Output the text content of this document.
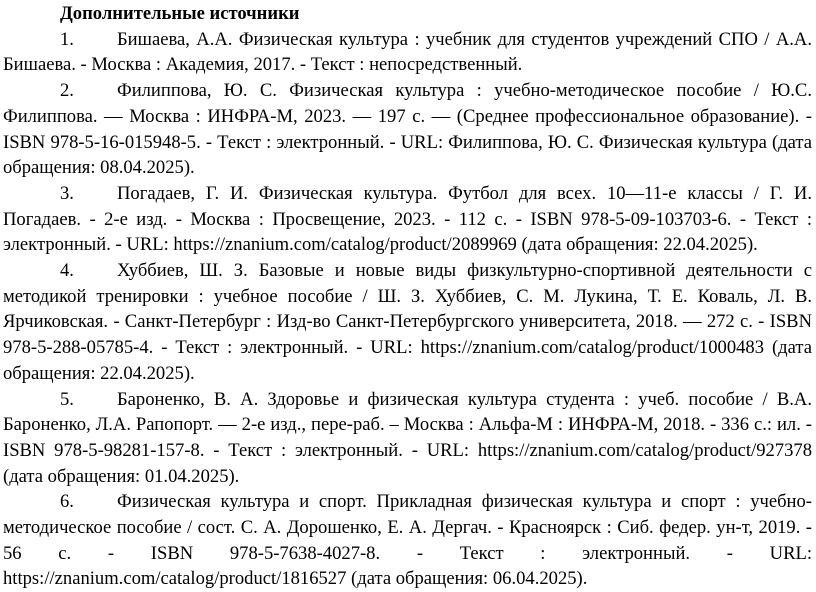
Дополнительные источники
1. Бишаева, А.А. Физическая культура : учебник для студентов учреждений СПО / А.А. Бишаева. - Москва : Академия, 2017. - Текст : непосредственный.
2. Филиппова, Ю. С. Физическая культура : учебно-методическое пособие / Ю.С. Филиппова. — Москва : ИНФРА-М, 2023. — 197 с. — (Среднее профессиональное образование). - ISBN 978-5-16-015948-5. - Текст : электронный. - URL: Филиппова, Ю. С. Физическая культура (дата обращения: 08.04.2025).
3. Погадаев, Г. И. Физическая культура. Футбол для всех. 10—11-е классы / Г. И. Погадаев. - 2-е изд. - Москва : Просвещение, 2023. - 112 с. - ISBN 978-5-09-103703-6. - Текст : электронный. - URL: https://znanium.com/catalog/product/2089969 (дата обращения: 22.04.2025).
4. Хуббиев, Ш. З. Базовые и новые виды физкультурно-спортивной деятельности с методикой тренировки : учебное пособие / Ш. З. Хуббиев, С. М. Лукина, Т. Е. Коваль, Л. В. Ярчиковская. - Санкт-Петербург : Изд-во Санкт-Петербургского университета, 2018. — 272 с. - ISBN 978-5-288-05785-4. - Текст : электронный. - URL: https://znanium.com/catalog/product/1000483 (дата обращения: 22.04.2025).
5. Бароненко, В. А. Здоровье и физическая культура студента : учеб. пособие / В.А. Бароненко, Л.А. Рапопорт. — 2-е изд., пере-раб. – Москва : Альфа-М : ИНФРА-М, 2018. - 336 с.: ил. - ISBN 978-5-98281-157-8. - Текст : электронный. - URL: https://znanium.com/catalog/product/927378 (дата обращения: 01.04.2025).
6. Физическая культура и спорт. Прикладная физическая культура и спорт : учебно-методическое пособие / сост. С. А. Дорошенко, Е. А. Дергач. - Красноярск : Сиб. федер. ун-т, 2019. - 56 с. - ISBN 978-5-7638-4027-8. - Текст : электронный. - URL: https://znanium.com/catalog/product/1816527 (дата обращения: 06.04.2025).
